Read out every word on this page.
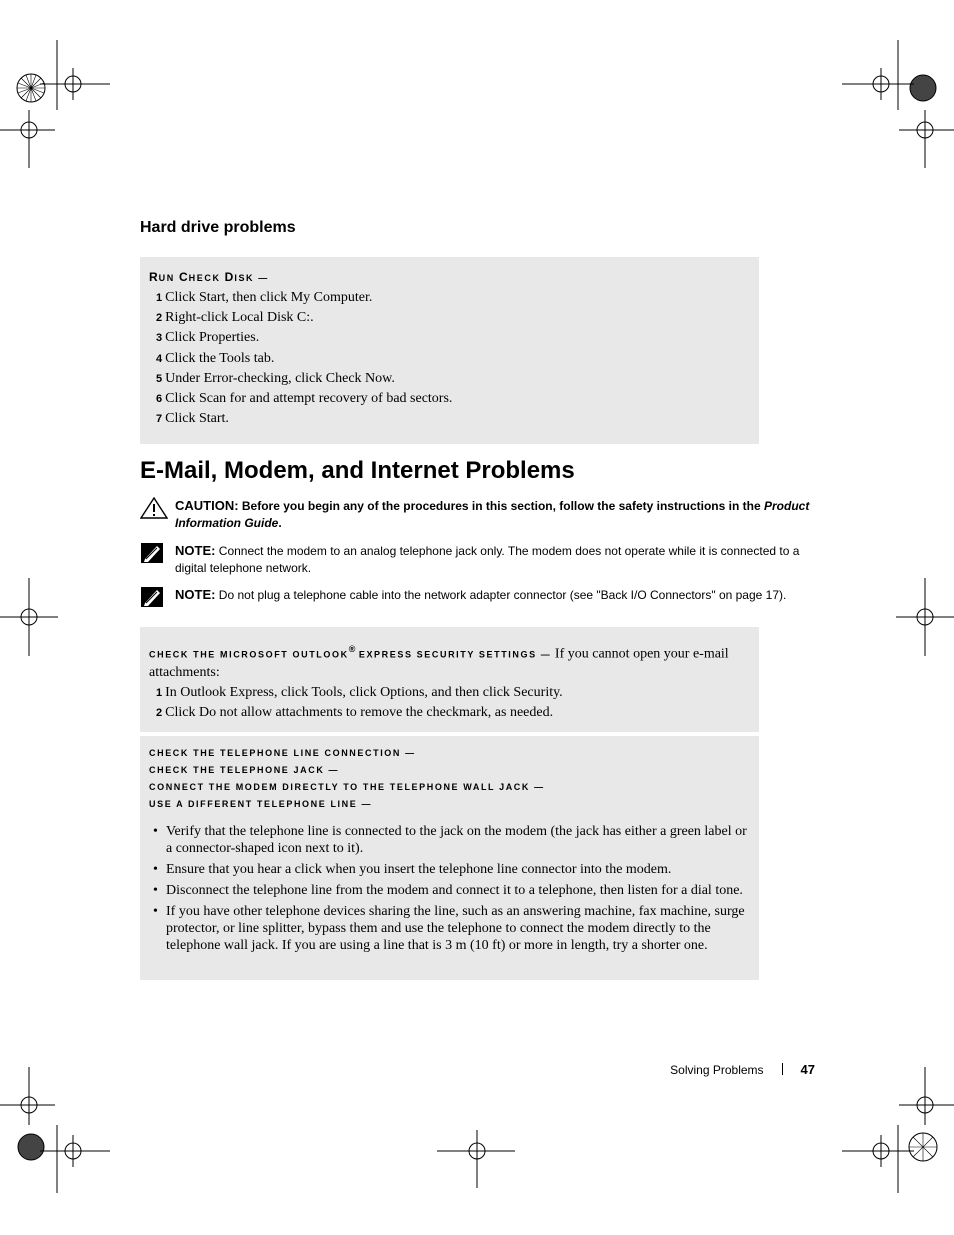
Hard drive problems
RUN CHECK DISK —
1 Click Start, then click My Computer.
2 Right-click Local Disk C:.
3 Click Properties.
4 Click the Tools tab.
5 Under Error-checking, click Check Now.
6 Click Scan for and attempt recovery of bad sectors.
7 Click Start.
E-Mail, Modem, and Internet Problems
CAUTION: Before you begin any of the procedures in this section, follow the safety instructions in the Product Information Guide.
NOTE: Connect the modem to an analog telephone jack only. The modem does not operate while it is connected to a digital telephone network.
NOTE: Do not plug a telephone cable into the network adapter connector (see "Back I/O Connectors" on page 17).
CHECK THE MICROSOFT OUTLOOK® EXPRESS SECURITY SETTINGS — If you cannot open your e-mail attachments:
1 In Outlook Express, click Tools, click Options, and then click Security.
2 Click Do not allow attachments to remove the checkmark, as needed.
CHECK THE TELEPHONE LINE CONNECTION —
CHECK THE TELEPHONE JACK —
CONNECT THE MODEM DIRECTLY TO THE TELEPHONE WALL JACK —
USE A DIFFERENT TELEPHONE LINE —
• Verify that the telephone line is connected to the jack on the modem (the jack has either a green label or a connector-shaped icon next to it).
• Ensure that you hear a click when you insert the telephone line connector into the modem.
• Disconnect the telephone line from the modem and connect it to a telephone, then listen for a dial tone.
• If you have other telephone devices sharing the line, such as an answering machine, fax machine, surge protector, or line splitter, bypass them and use the telephone to connect the modem directly to the telephone wall jack. If you are using a line that is 3 m (10 ft) or more in length, try a shorter one.
Solving Problems	47
